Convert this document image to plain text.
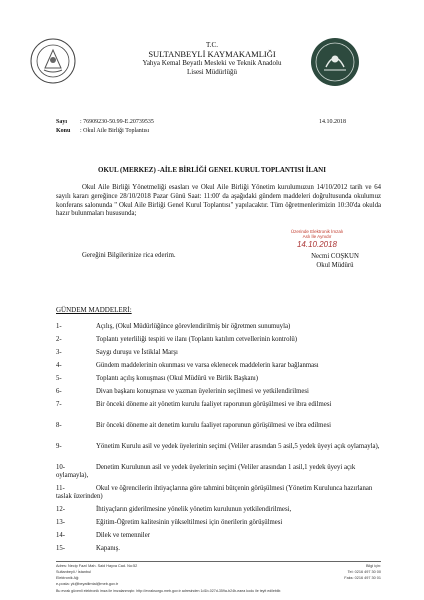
T.C.
SULTANBEYLİ KAYMAKAMLIĞI
Yahya Kemal Beyatlı Mesleki ve Teknik Anadolu
Lisesi Müdürlüğü
Sayı : 76909230-50.99-E.20739535	14.10.2018
Konu : Okul Aile Birliği Toplantısı
OKUL (MERKEZ) -AİLE BİRLİĞİ GENEL KURUL TOPLANTISI İLANI
Okul Aile Birliği Yönetmeliği esasları ve Okul Aile Birliği Yönetim kurulumuzun 14/10/2012 tarih ve 64 sayılı kararı gereğince 28/10/2018 Pazar Günü Saat: 11:00' da aşağıdaki gündem maddeleri doğrultusunda okulumuz konferans salonunda " Okul Aile Birliği Genel Kurul Toplantısı" yapılacaktır. Tüm öğretmenlerimizin 10:30'da okulda hazır bulunmaları hususunda;
Üzerinde Elektronik İmzalı
Aslı İle Aynıdır
14.10.2018
Gereğini Bilgilerinize rica ederim.	Necmi COŞKUN
Okul Müdürü
GÜNDEM MADDELERİ:
1-	Açılış, (Okul Müdürlüğünce görevlendirilmiş bir öğretmen sunumuyla)
2-	Toplantı yeterliliği tespiti ve ilanı (Toplantı katılım cetvellerinin kontrolü)
3-	Saygı duruşu ve İstiklal Marşı
4-	Gündem maddelerinin okunması ve varsa eklenecek maddelerin karar bağlanması
5-	Toplantı açılış konuşması (Okul Müdürü ve Birlik Başkanı)
6-	Divan başkanı konuşması ve yazman üyelerinin seçilmesi ve yetkilendirilmesi
7-	Bir önceki döneme ait yönetim kurulu faaliyet raporunun görüşülmesi ve ibra edilmesi
8-	Bir önceki döneme ait denetim kurulu faaliyet raporunun görüşülmesi ve ibra edilmesi
9-	Yönetim Kurulu asil ve yedek üyelerinin seçimi (Veliler arasından 5 asil,5 yedek üyeyi açık oylamayla),
10-	Denetim Kurulunun asil ve yedek üyelerinin seçimi (Veliler arasından 1 asil,1 yedek üyeyi açık oylamayla),
11-	Okul ve öğrencilerin ihtiyaçlarına göre tahmini bütçenin görüşülmesi (Yönetim Kurulunca hazırlanan taslak üzerinden)
12-	İhtiyaçların giderilmesine yönelik yönetim kurulunun yetkilendirilmesi,
13-	Eğitim-Öğretim kalitesinin yükseltilmesi için önerilerin görüşülmesi
14-	Dilek ve temenniler
15-	Kapanış.
Adres: Necip Fazıl Mah. Said Hayva Cad. No:52
Sultanbeyli / İstanbul
Elektronik Ağ:
e-posta: yk@beyatlimtal@meb.gov.tr
Bilgi için:
Tel: 0216 497 30 00
Faks: 0216 497 30 01
Bu evrak güvenli elektronik imza ile imzalanmıştır. http://evraksorgu.meb.gov.tr adresinden 1d1b-027d-359a-b24b-eaea kodu ile teyit edilebilir.
